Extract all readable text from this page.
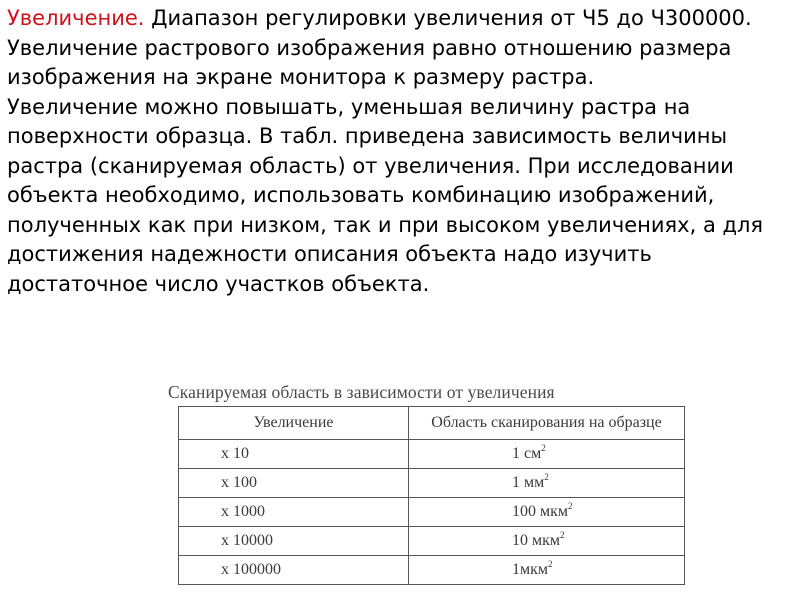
Увеличение. Диапазон регулировки увеличения от Ч5 до Ч300000. Увеличение растрового изображения равно отношению размера изображения на экране монитора к размеру растра.

Увеличение можно повышать, уменьшая величину растра на поверхности образца. В табл. приведена зависимость величины растра (сканируемая область) от увеличения. При исследовании объекта необходимо, использовать комбинацию изображений, полученных как при низком, так и при высоком увеличениях, а для достижения надежности описания объекта надо изучить достаточное число участков объекта.

Сканируемая область в зависимости от увеличения
Увеличение	Область сканирования на образце
x 10	1 $см^2$
x 100	1 $мм^2$
x 1000	100 мкм$^2$
x 10000	10 мкм$^2$
x 100000	1мкм$^2$
